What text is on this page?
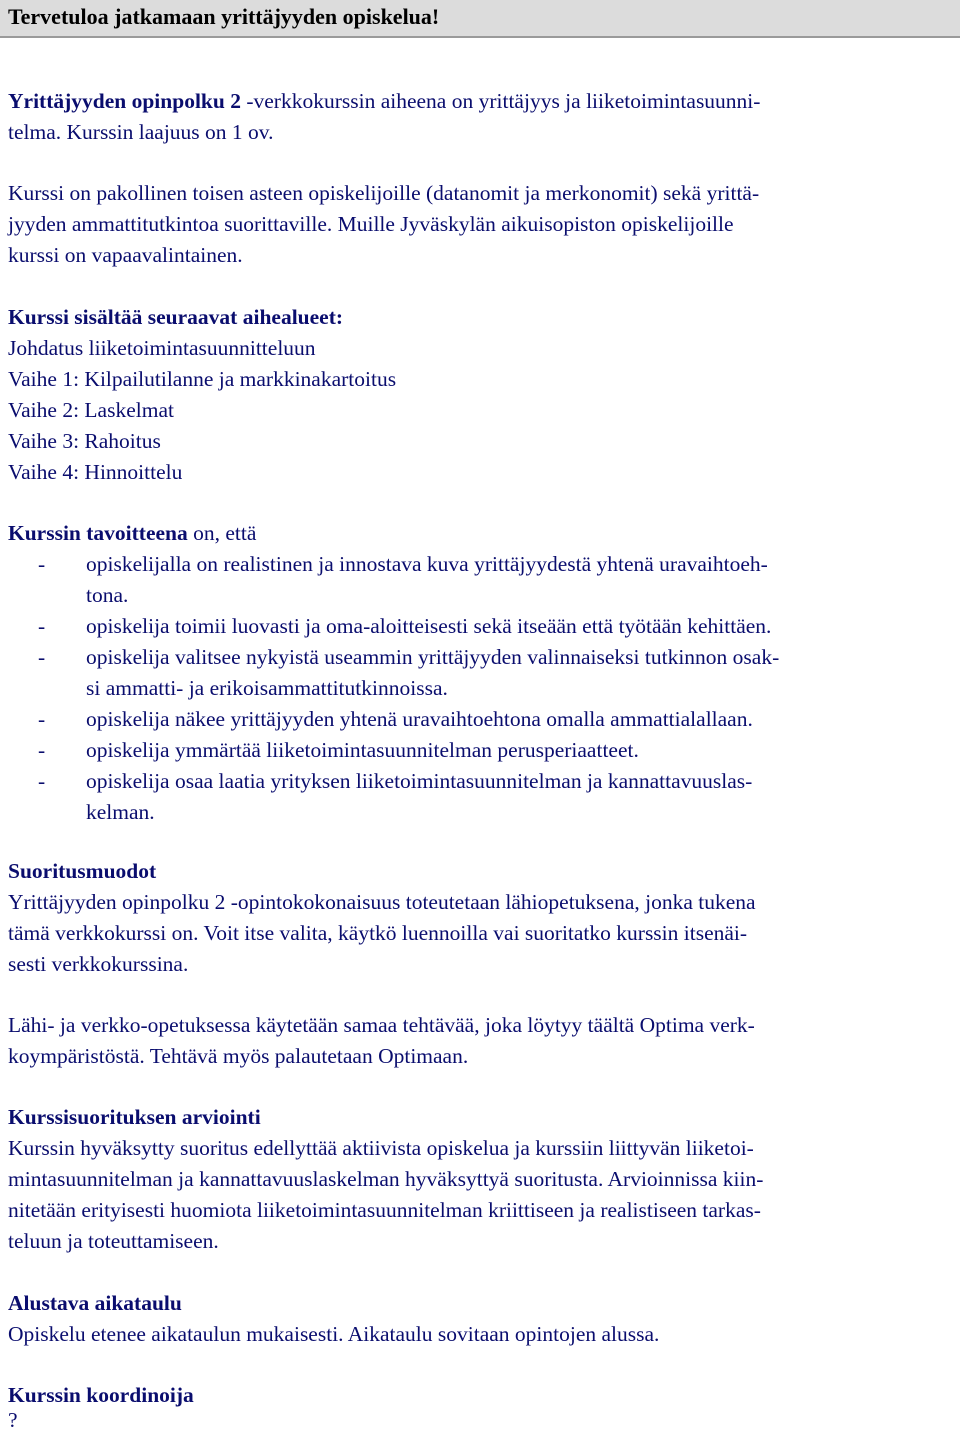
Tervetuloa jatkamaan yrittäjyyden opiskelua!
Yrittäjyyden opinpolku 2 -verkkokurssin aiheena on yrittäjyys ja liiketoimintasuunni-
telma. Kurssin laajuus on 1 ov.
Kurssi on pakollinen toisen asteen opiskelijoille (datanomit ja merkonomit) sekä yrittä-
jyyden ammattitutkintoa suorittaville. Muille Jyväskylän aikuisopiston opiskelijoille
kurssi on vapaavalintainen.
Kurssi sisältää seuraavat aihealueet:
Johdatus liiketoimintasuunnitteluun
Vaihe 1: Kilpailutilanne ja markkinakartoitus
Vaihe 2: Laskelmat
Vaihe 3: Rahoitus
Vaihe 4: Hinnoittelu
Kurssin tavoitteena on, että
- opiskelijalla on realistinen ja innostava kuva yrittäjyydestä yhtenä uravaihtoeh-
tona.
- opiskelija toimii luovasti ja oma-aloitteisesti sekä itseään että työtään kehittäen.
- opiskelija valitsee nykyistä useammin yrittäjyyden valinnaiseksi tutkinnon osak-
si ammatti- ja erikoisammattitutkinnoissa.
- opiskelija näkee yrittäjyyden yhtenä uravaihtoehtona omalla ammattialallaan.
- opiskelija ymmärtää liiketoimintasuunnitelman perusperiaatteet.
- opiskelija osaa laatia yrityksen liiketoimintasuunnitelman ja kannattavuuslas-
kelman.
Suoritusmuodot
Yrittäjyyden opinpolku 2 -opintokokonaisuus toteutetaan lähiopetuksena, jonka tukena
tämä verkkokurssi on. Voit itse valita, käytkö luennoilla vai suoritatko kurssin itsenäi-
sesti verkkokurssina.
Lähi- ja verkko-opetuksessa käytetään samaa tehtävää, joka löytyy täältä Optima verk-
koympäristöstä. Tehtävä myös palautetaan Optimaan.
Kurssisuorituksen arviointi
Kurssin hyväksytty suoritus edellyttää aktiivista opiskelua ja kurssiin liittyvän liiketoi-
mintasuunnitelman ja kannattavuuslaskelman hyväksyttyä suoritusta. Arvioinnissa kiin-
nitetään erityisesti huomiota liiketoimintasuunnitelman kriittiseen ja realistiseen tarkas-
teluun ja toteuttamiseen.
Alustava aikataulu
Opiskelu etenee aikataulun mukaisesti. Aikataulu sovitaan opintojen alussa.
Kurssin koordinoija
?
